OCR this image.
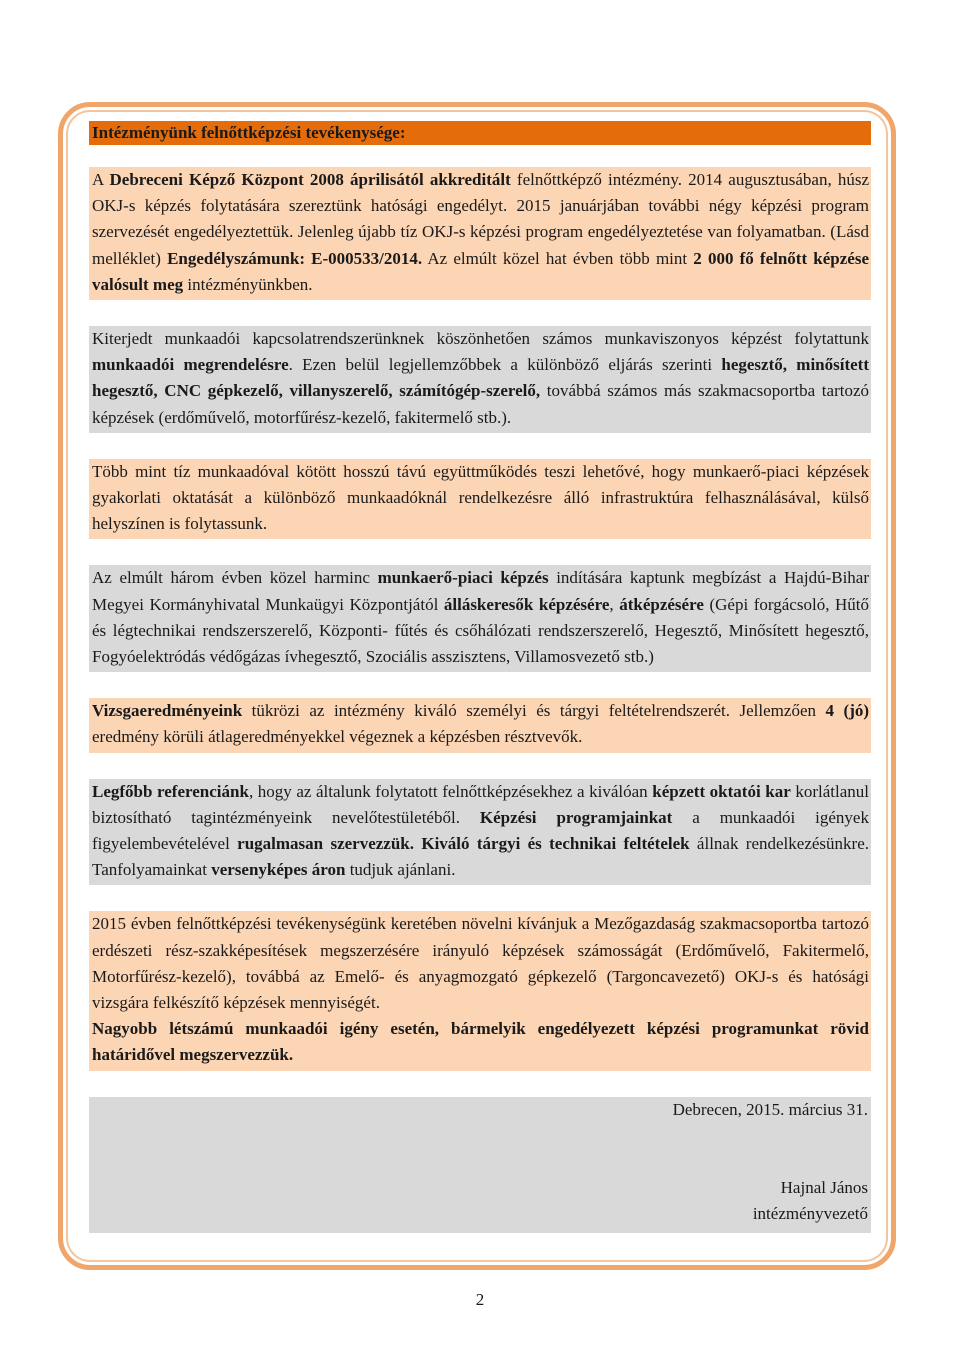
Intézményünk felnőttképzési tevékenysége:
A Debreceni Képző Központ 2008 áprilisától akkreditált felnőttképző intézmény. 2014 augusztusában, húsz OKJ-s képzés folytatására szereztünk hatósági engedélyt. 2015 januárjában további négy képzési program szervezését engedélyeztettük. Jelenleg újabb tíz OKJ-s képzési program engedélyeztetése van folyamatban. (Lásd melléklet) Engedélyszámunk: E-000533/2014. Az elmúlt közel hat évben több mint 2 000 fő felnőtt képzése valósult meg intézményünkben.
Kiterjedt munkaadói kapcsolatrendszerünknek köszönhetően számos munkaviszonyos képzést folytattunk munkaadói megrendelésre. Ezen belül legjellemzőbbek a különböző eljárás szerinti hegesztő, minősített hegesztő, CNC gépkezelő, villanyszerelő, számítógép-szerelő, továbbá számos más szakmacsoportba tartozó képzések (erdőművelő, motorfűrész-kezelő, fakitermelő stb.).
Több mint tíz munkaadóval kötött hosszú távú együttműködés teszi lehetővé, hogy munkaerő-piaci képzések gyakorlati oktatását a különböző munkaadóknál rendelkezésre álló infrastruktúra felhasználásával, külső helyszínen is folytassunk.
Az elmúlt három évben közel harminc munkaerő-piaci képzés indítására kaptunk megbízást a Hajdú-Bihar Megyei Kormányhivatal Munkaügyi Központjától álláskeresők képzésére, átképzésére (Gépi forgácsoló, Hűtő és légtechnikai rendszerszerelő, Központi- fűtés és csőhálózati rendszerszerelő, Hegesztő, Minősített hegesztő, Fogyóelektródás védőgázas ívhegesztő, Szociális asszisztens, Villamosvezető stb.)
Vizsgaeredményeink tükrözi az intézmény kiváló személyi és tárgyi feltételrendszerét. Jellemzően 4 (jó) eredmény körüli átlageredményekkel végeznek a képzésben résztvevők.
Legfőbb referenciánk, hogy az általunk folytatott felnőttképzésekhez a kiválóan képzett oktatói kar korlátlanul biztosítható tagintézményeink nevelőtestületéből. Képzési programjainkat a munkaadói igények figyelembevételével rugalmasan szervezzük. Kiváló tárgyi és technikai feltételek állnak rendelkezésünkre. Tanfolyamainkat versenyképes áron tudjuk ajánlani.
2015 évben felnőttképzési tevékenységünk keretében növelni kívánjuk a Mezőgazdaság szakmacsoportba tartozó erdészeti rész-szakképesítések megszerzésére irányuló képzések számosságát (Erdőművelő, Fakitermelő, Motorfűrész-kezelő), továbbá az Emelő- és anyagmozgató gépkezelő (Targoncavezető) OKJ-s és hatósági vizsgára felkészítő képzések mennyiségét.
Nagyobb létszámú munkaadói igény esetén, bármelyik engedélyezett képzési programunkat rövid határidővel megszervezzük.
Debrecen, 2015. március 31.
Hajnal János
intézményvezető
2
